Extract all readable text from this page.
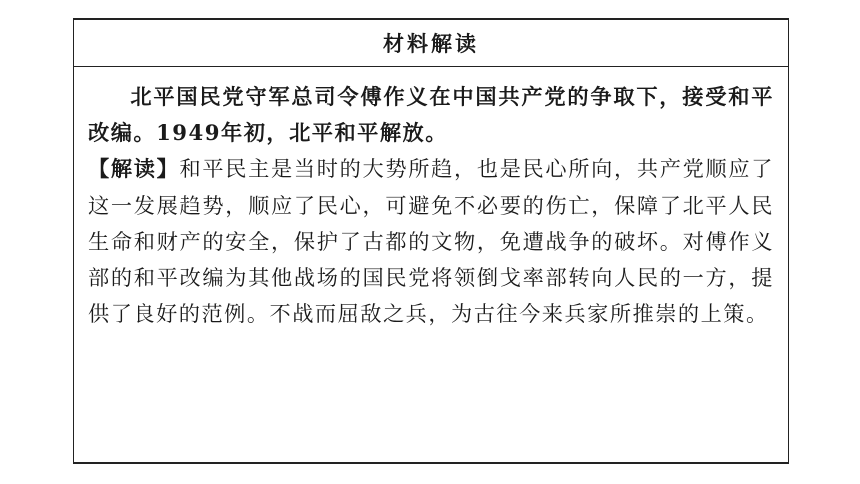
材料解读

北平国民党守军总司令傅作义在中国共产党的争取下，接受和平改编。1949年初，北平和平解放。

【解读】和平民主是当时的大势所趋，也是民心所向，共产党顺应了这一发展趋势，顺应了民心，可避免不必要的伤亡，保障了北平人民生命和财产的安全，保护了古都的文物，免遭战争的破坏。对傅作义部的和平改编为其他战场的国民党将领倒戈率部转向人民的一方，提供了良好的范例。不战而屈敌之兵，为古往今来兵家所推崇的上策。
